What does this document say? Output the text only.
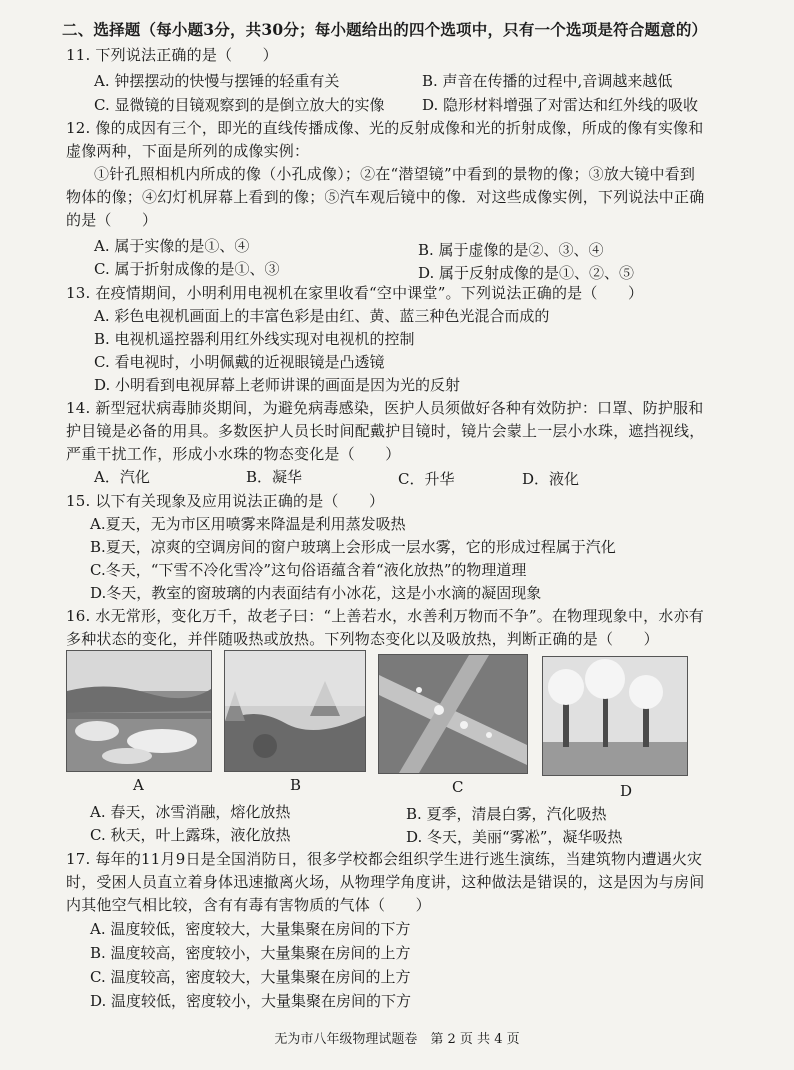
二、选择题（每小题3分，共30分；每小题给出的四个选项中，只有一个选项是符合题意的）
11. 下列说法正确的是（　　）
A. 钟摆摆动的快慢与摆锤的轻重有关	B. 声音在传播的过程中,音调越来越低
C. 显微镜的目镜观察到的是倒立放大的实像	D. 隐形材料增强了对雷达和红外线的吸收
12. 像的成因有三个，即光的直线传播成像、光的反射成像和光的折射成像，所成的像有实像和
虚像两种，下面是所列的成像实例：
①针孔照相机内所成的像（小孔成像）；②在“潜望镜”中看到的景物的像；③放大镜中看到
物体的像；④幻灯机屏幕上看到的像；⑤汽车观后镜中的像．对这些成像实例，下列说法中正确
的是（　　）
A. 属于实像的是①、④	B. 属于虚像的是②、③、④
C. 属于折射成像的是①、③	D. 属于反射成像的是①、②、⑤
13. 在疫情期间，小明利用电视机在家里收看“空中课堂”。下列说法正确的是（　　）
A. 彩色电视机画面上的丰富色彩是由红、黄、蓝三种色光混合而成的
B. 电视机遥控器利用红外线实现对电视机的控制
C. 看电视时，小明佩戴的近视眼镜是凸透镜
D. 小明看到电视屏幕上老师讲课的画面是因为光的反射
14. 新型冠状病毒肺炎期间，为避免病毒感染，医护人员须做好各种有效防护：口罩、防护服和
护目镜是必备的用具。多数医护人员长时间配戴护目镜时，镜片会蒙上一层小水珠，遮挡视线，
严重干扰工作，形成小水珠的物态变化是（　　）
A．汽化	B．凝华	C．升华	D．液化
15. 以下有关现象及应用说法正确的是（　　）
A.夏天，无为市区用喷雾来降温是利用蒸发吸热
B.夏天，凉爽的空调房间的窗户玻璃上会形成一层水雾，它的形成过程属于汽化
C.冬天，“下雪不冷化雪冷”这句俗语蕴含着“液化放热”的物理道理
D.冬天，教室的窗玻璃的内表面结有小冰花，这是小水滴的凝固现象
16. 水无常形，变化万千，故老子曰：“上善若水，水善利万物而不争”。在物理现象中，水亦有
多种状态的变化，并伴随吸热或放热。下列物态变化以及吸放热，判断正确的是（　　）
A	B	C	D
A. 春天，冰雪消融，熔化放热	B. 夏季，清晨白雾，汽化吸热
C. 秋天，叶上露珠，液化放热	D. 冬天，美丽“雾凇”，凝华吸热
17. 每年的11月9日是全国消防日，很多学校都会组织学生进行逃生演练，当建筑物内遭遇火灾
时，受困人员直立着身体迅速撤离火场，从物理学角度讲，这种做法是错误的，这是因为与房间
内其他空气相比较，含有有毒有害物质的气体（　　）
A. 温度较低，密度较大，大量集聚在房间的下方
B. 温度较高，密度较小，大量集聚在房间的上方
C. 温度较高，密度较大，大量集聚在房间的上方
D. 温度较低，密度较小，大量集聚在房间的下方
无为市八年级物理试题卷　第 2 页 共 4 页
